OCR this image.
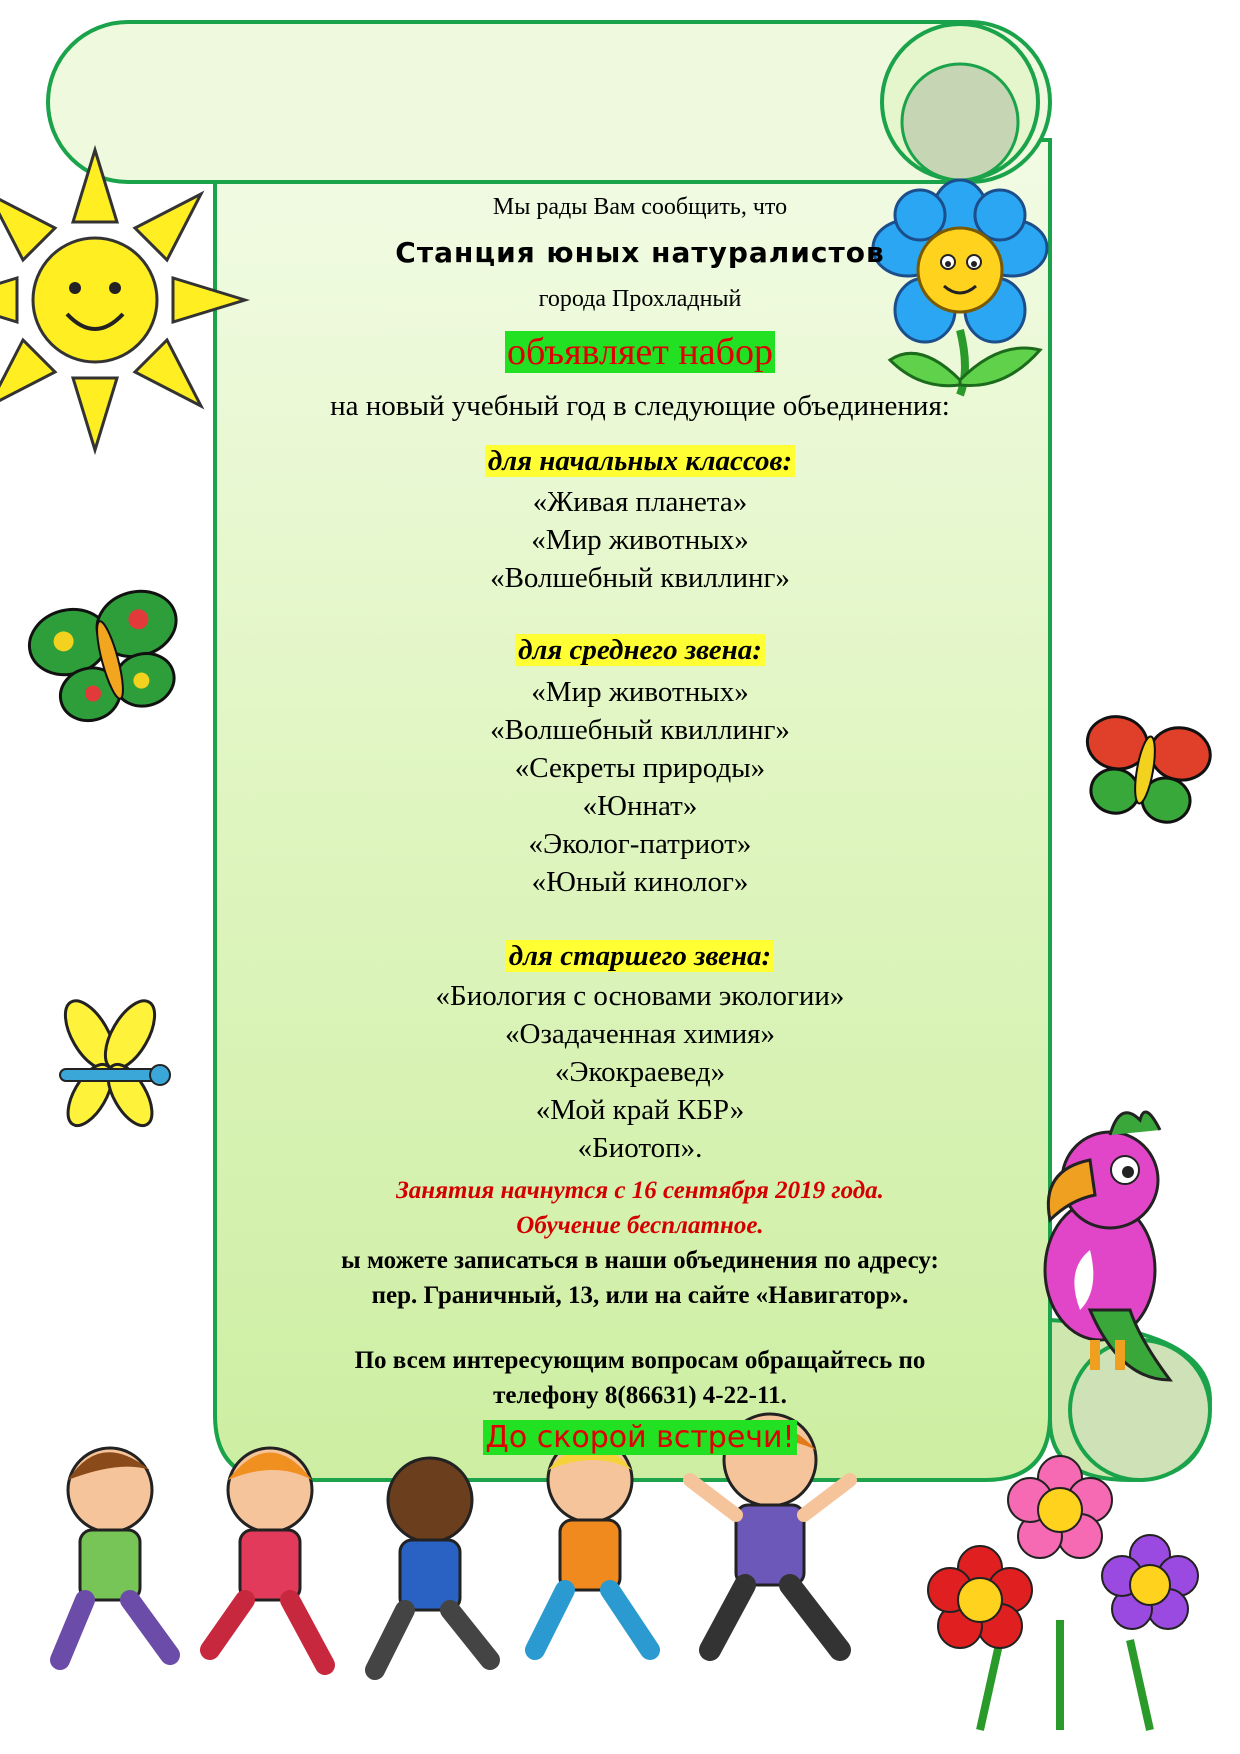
Мы рады Вам сообщить, что
Станция юных натуралистов
города Прохладный
объявляет набор
на новый учебный год в следующие объединения:
для начальных классов:
«Живая планета»
«Мир животных»
«Волшебный квиллинг»
для среднего звена:
«Мир животных»
«Волшебный квиллинг»
«Секреты природы»
«Юннат»
«Эколог-патриот»
«Юный кинолог»
для старшего звена:
«Биология с основами экологии»
«Озадаченная химия»
«Экокраевед»
«Мой край КБР»
«Биотоп».
Занятия начнутся с 16 сентября 2019 года.
Обучение бесплатное.
ы можете записаться в наши объединения по адресу:
пер. Граничный, 13, или на сайте «Навигатор».
По всем интересующим вопросам обращайтесь по
телефону 8(86631) 4-22-11.
До скорой встречи!
